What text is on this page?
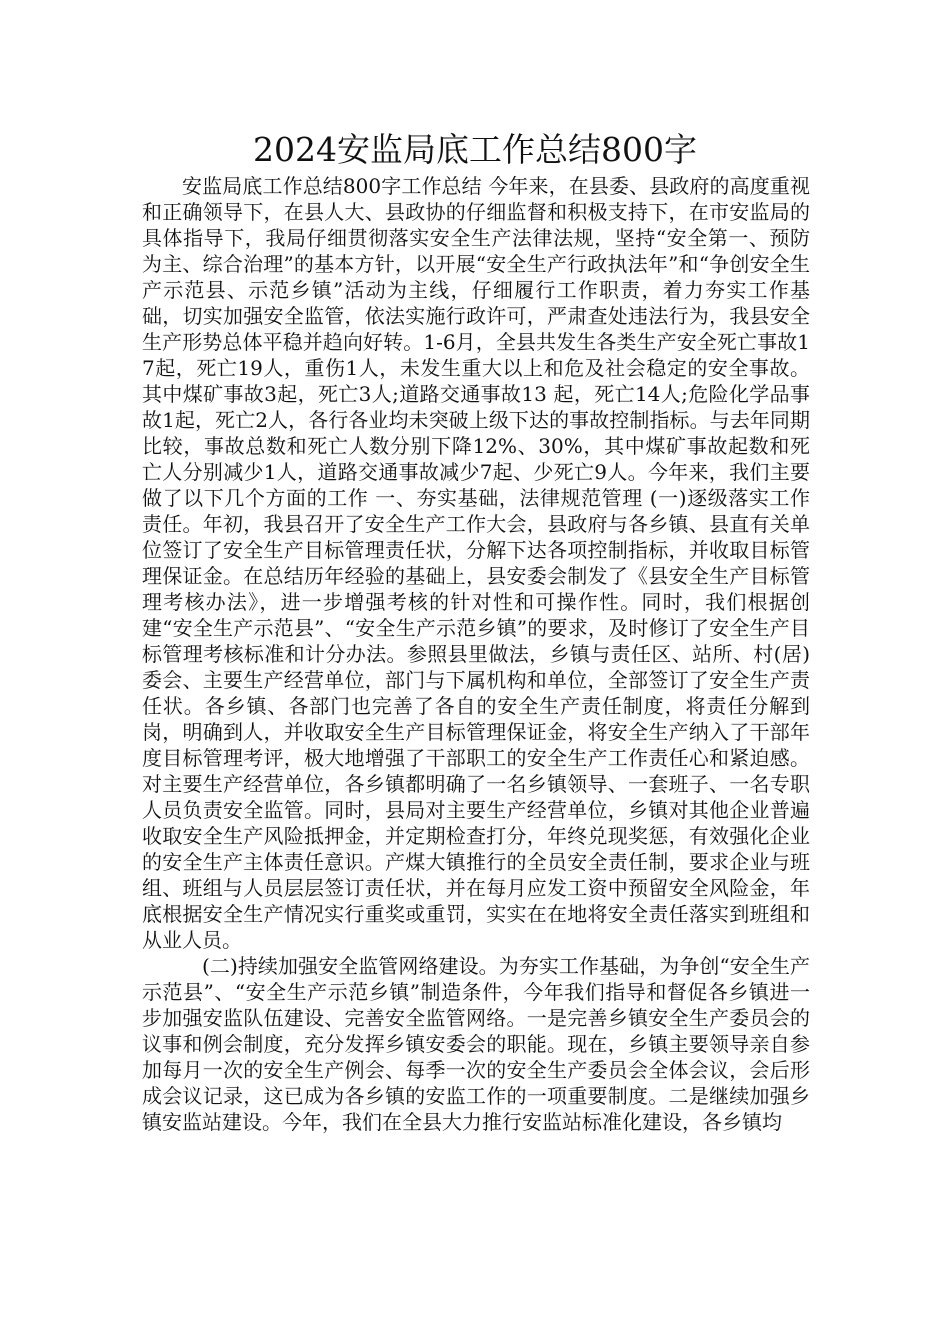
2024安监局底工作总结800字

安监局底工作总结800字工作总结 今年来，在县委、县政府的高度重视和正确领导下，在县人大、县政协的仔细监督和积极支持下，在市安监局的具体指导下，我局仔细贯彻落实安全生产法律法规，坚持“安全第一、预防为主、综合治理”的基本方针，以开展“安全生产行政执法年”和“争创安全生产示范县、示范乡镇”活动为主线，仔细履行工作职责，着力夯实工作基础，切实加强安全监管，依法实施行政许可，严肃查处违法行为，我县安全生产形势总体平稳并趋向好转。1-6月，全县共发生各类生产安全死亡事故17起，死亡19人，重伤1人，未发生重大以上和危及社会稳定的安全事故。其中煤矿事故3起，死亡3人;道路交通事故13 起，死亡14人;危险化学品事故1起，死亡2人，各行各业均未突破上级下达的事故控制指标。与去年同期比较，事故总数和死亡人数分别下降12%、30%，其中煤矿事故起数和死亡人分别减少1人，道路交通事故减少7起、少死亡9人。今年来，我们主要做了以下几个方面的工作 一、夯实基础，法律规范管理 (一)逐级落实工作责任。年初，我县召开了安全生产工作大会，县政府与各乡镇、县直有关单位签订了安全生产目标管理责任状，分解下达各项控制指标，并收取目标管理保证金。在总结历年经验的基础上，县安委会制发了《县安全生产目标管理考核办法》，进一步增强考核的针对性和可操作性。同时，我们根据创建“安全生产示范县”、“安全生产示范乡镇”的要求，及时修订了安全生产目标管理考核标准和计分办法。参照县里做法，乡镇与责任区、站所、村(居)委会、主要生产经营单位，部门与下属机构和单位，全部签订了安全生产责任状。各乡镇、各部门也完善了各自的安全生产责任制度，将责任分解到岗，明确到人，并收取安全生产目标管理保证金，将安全生产纳入了干部年度目标管理考评，极大地增强了干部职工的安全生产工作责任心和紧迫感。对主要生产经营单位，各乡镇都明确了一名乡镇领导、一套班子、一名专职人员负责安全监管。同时，县局对主要生产经营单位，乡镇对其他企业普遍收取安全生产风险抵押金，并定期检查打分，年终兑现奖惩，有效强化企业的安全生产主体责任意识。产煤大镇推行的全员安全责任制，要求企业与班组、班组与人员层层签订责任状，并在每月应发工资中预留安全风险金，年底根据安全生产情况实行重奖或重罚，实实在在地将安全责任落实到班组和从业人员。

(二)持续加强安全监管网络建设。为夯实工作基础，为争创“安全生产示范县”、“安全生产示范乡镇”制造条件，今年我们指导和督促各乡镇进一步加强安监队伍建设、完善安全监管网络。一是完善乡镇安全生产委员会的议事和例会制度，充分发挥乡镇安委会的职能。现在，乡镇主要领导亲自参加每月一次的安全生产例会、每季一次的安全生产委员会全体会议，会后形成会议记录，这已成为各乡镇的安监工作的一项重要制度。二是继续加强乡镇安监站建设。今年，我们在全县大力推行安监站标准化建设，各乡镇均
